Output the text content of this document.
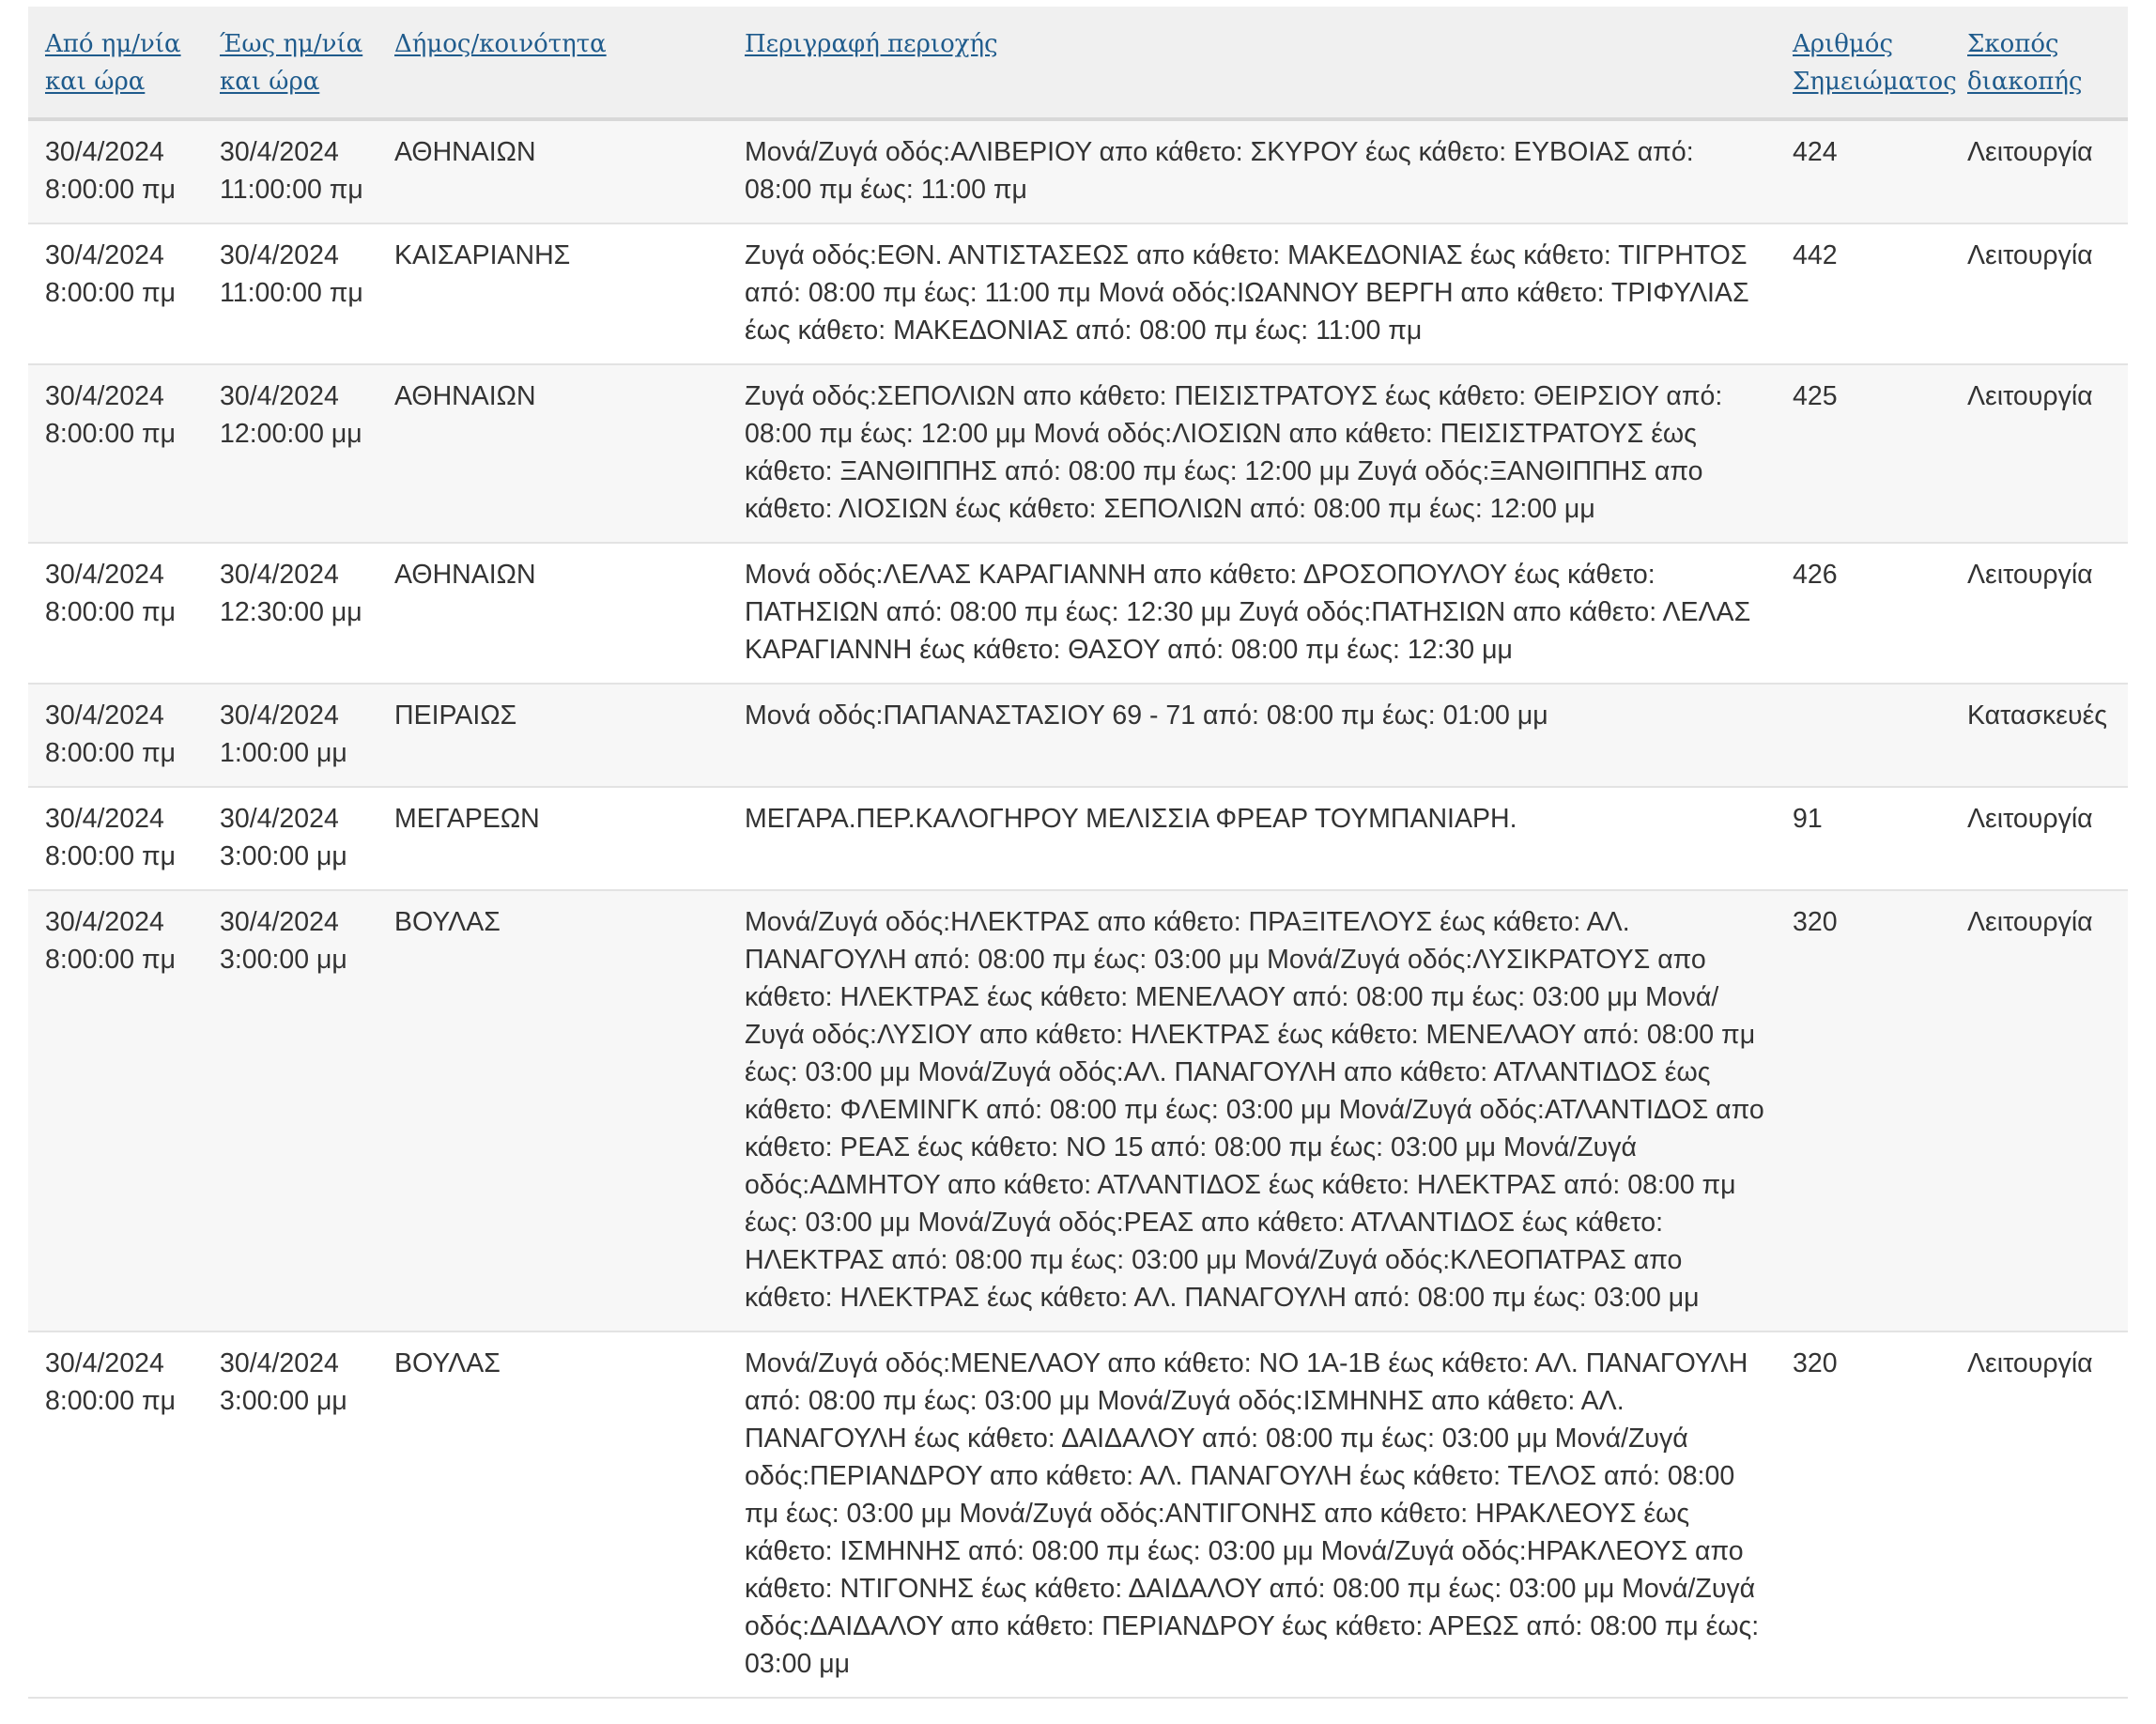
Από ημ/νία και ώρα	Έως ημ/νία και ώρα	Δήμος/κοινότητα	Περιγραφή περιοχής	Αριθμός Σημειώματος	Σκοπός διακοπής
30/4/2024 8:00:00 πμ	30/4/2024 11:00:00 πμ	ΑΘΗΝΑΙΩΝ	Μονά/Ζυγά οδός:ΑΛΙΒΕΡΙΟΥ απο κάθετο: ΣΚΥΡΟΥ έως κάθετο: ΕΥΒΟΙΑΣ από: 08:00 πμ έως: 11:00 πμ	424	Λειτουργία
30/4/2024 8:00:00 πμ	30/4/2024 11:00:00 πμ	ΚΑΙΣΑΡΙΑΝΗΣ	Ζυγά οδός:ΕΘΝ. ΑΝΤΙΣΤΑΣΕΩΣ απο κάθετο: ΜΑΚΕΔΟΝΙΑΣ έως κάθετο: ΤΙΓΡΗΤΟΣ από: 08:00 πμ έως: 11:00 πμ Μονά οδός:ΙΩΑΝΝΟΥ ΒΕΡΓΗ απο κάθετο: ΤΡΙΦΥΛΙΑΣ έως κάθετο: ΜΑΚΕΔΟΝΙΑΣ από: 08:00 πμ έως: 11:00 πμ	442	Λειτουργία
30/4/2024 8:00:00 πμ	30/4/2024 12:00:00 μμ	ΑΘΗΝΑΙΩΝ	Ζυγά οδός:ΣΕΠΟΛΙΩΝ απο κάθετο: ΠΕΙΣΙΣΤΡΑΤΟΥΣ έως κάθετο: ΘΕΙΡΣΙΟΥ από: 08:00 πμ έως: 12:00 μμ Μονά οδός:ΛΙΟΣΙΩΝ απο κάθετο: ΠΕΙΣΙΣΤΡΑΤΟΥΣ έως κάθετο: ΞΑΝΘΙΠΠΗΣ από: 08:00 πμ έως: 12:00 μμ Ζυγά οδός:ΞΑΝΘΙΠΠΗΣ απο κάθετο: ΛΙΟΣΙΩΝ έως κάθετο: ΣΕΠΟΛΙΩΝ από: 08:00 πμ έως: 12:00 μμ	425	Λειτουργία
30/4/2024 8:00:00 πμ	30/4/2024 12:30:00 μμ	ΑΘΗΝΑΙΩΝ	Μονά οδός:ΛΕΛΑΣ ΚΑΡΑΓΙΑΝΝΗ απο κάθετο: ΔΡΟΣΟΠΟΥΛΟΥ έως κάθετο: ΠΑΤΗΣΙΩΝ από: 08:00 πμ έως: 12:30 μμ Ζυγά οδός:ΠΑΤΗΣΙΩΝ απο κάθετο: ΛΕΛΑΣ ΚΑΡΑΓΙΑΝΝΗ έως κάθετο: ΘΑΣΟΥ από: 08:00 πμ έως: 12:30 μμ	426	Λειτουργία
30/4/2024 8:00:00 πμ	30/4/2024 1:00:00 μμ	ΠΕΙΡΑΙΩΣ	Μονά οδός:ΠΑΠΑΝΑΣΤΑΣΙΟΥ 69 - 71 από: 08:00 πμ έως: 01:00 μμ		Κατασκευές
30/4/2024 8:00:00 πμ	30/4/2024 3:00:00 μμ	ΜΕΓΑΡΕΩΝ	ΜΕΓΑΡΑ.ΠΕΡ.ΚΑΛΟΓΗΡΟΥ ΜΕΛΙΣΣΙΑ ΦΡΕΑΡ ΤΟΥΜΠΑΝΙΑΡΗ.	91	Λειτουργία
30/4/2024 8:00:00 πμ	30/4/2024 3:00:00 μμ	ΒΟΥΛΑΣ	Μονά/Ζυγά οδός:ΗΛΕΚΤΡΑΣ απο κάθετο: ΠΡΑΞΙΤΕΛΟΥΣ έως κάθετο: ΑΛ. ΠΑΝΑΓΟΥΛΗ από: 08:00 πμ έως: 03:00 μμ Μονά/Ζυγά οδός:ΛΥΣΙΚΡΑΤΟΥΣ απο κάθετο: ΗΛΕΚΤΡΑΣ έως κάθετο: ΜΕΝΕΛΑΟΥ από: 08:00 πμ έως: 03:00 μμ Μονά/Ζυγά οδός:ΛΥΣΙΟΥ απο κάθετο: ΗΛΕΚΤΡΑΣ έως κάθετο: ΜΕΝΕΛΑΟΥ από: 08:00 πμ έως: 03:00 μμ Μονά/Ζυγά οδός:ΑΛ. ΠΑΝΑΓΟΥΛΗ απο κάθετο: ΑΤΛΑΝΤΙΔΟΣ έως κάθετο: ΦΛΕΜΙΝΓΚ από: 08:00 πμ έως: 03:00 μμ Μονά/Ζυγά οδός:ΑΤΛΑΝΤΙΔΟΣ απο κάθετο: ΡΕΑΣ έως κάθετο: ΝΟ 15 από: 08:00 πμ έως: 03:00 μμ Μονά/Ζυγά οδός:ΑΔΜΗΤΟΥ απο κάθετο: ΑΤΛΑΝΤΙΔΟΣ έως κάθετο: ΗΛΕΚΤΡΑΣ από: 08:00 πμ έως: 03:00 μμ Μονά/Ζυγά οδός:ΡΕΑΣ απο κάθετο: ΑΤΛΑΝΤΙΔΟΣ έως κάθετο: ΗΛΕΚΤΡΑΣ από: 08:00 πμ έως: 03:00 μμ Μονά/Ζυγά οδός:ΚΛΕΟΠΑΤΡΑΣ απο κάθετο: ΗΛΕΚΤΡΑΣ έως κάθετο: ΑΛ. ΠΑΝΑΓΟΥΛΗ από: 08:00 πμ έως: 03:00 μμ	320	Λειτουργία
30/4/2024 8:00:00 πμ	30/4/2024 3:00:00 μμ	ΒΟΥΛΑΣ	Μονά/Ζυγά οδός:ΜΕΝΕΛΑΟΥ απο κάθετο: ΝΟ 1Α-1Β έως κάθετο: ΑΛ. ΠΑΝΑΓΟΥΛΗ από: 08:00 πμ έως: 03:00 μμ Μονά/Ζυγά οδός:ΙΣΜΗΝΗΣ απο κάθετο: ΑΛ. ΠΑΝΑΓΟΥΛΗ έως κάθετο: ΔΑΙΔΑΛΟΥ από: 08:00 πμ έως: 03:00 μμ Μονά/Ζυγά οδός:ΠΕΡΙΑΝΔΡΟΥ απο κάθετο: ΑΛ. ΠΑΝΑΓΟΥΛΗ έως κάθετο: ΤΕΛΟΣ από: 08:00 πμ έως: 03:00 μμ Μονά/Ζυγά οδός:ΑΝΤΙΓΟΝΗΣ απο κάθετο: ΗΡΑΚΛΕΟΥΣ έως κάθετο: ΙΣΜΗΝΗΣ από: 08:00 πμ έως: 03:00 μμ Μονά/Ζυγά οδός:ΗΡΑΚΛΕΟΥΣ απο κάθετο: ΝΤΙΓΟΝΗΣ έως κάθετο: ΔΑΙΔΑΛΟΥ από: 08:00 πμ έως: 03:00 μμ Μονά/Ζυγά οδός:ΔΑΙΔΑΛΟΥ απο κάθετο: ΠΕΡΙΑΝΔΡΟΥ έως κάθετο: ΑΡΕΩΣ από: 08:00 πμ έως: 03:00 μμ	320	Λειτουργία
